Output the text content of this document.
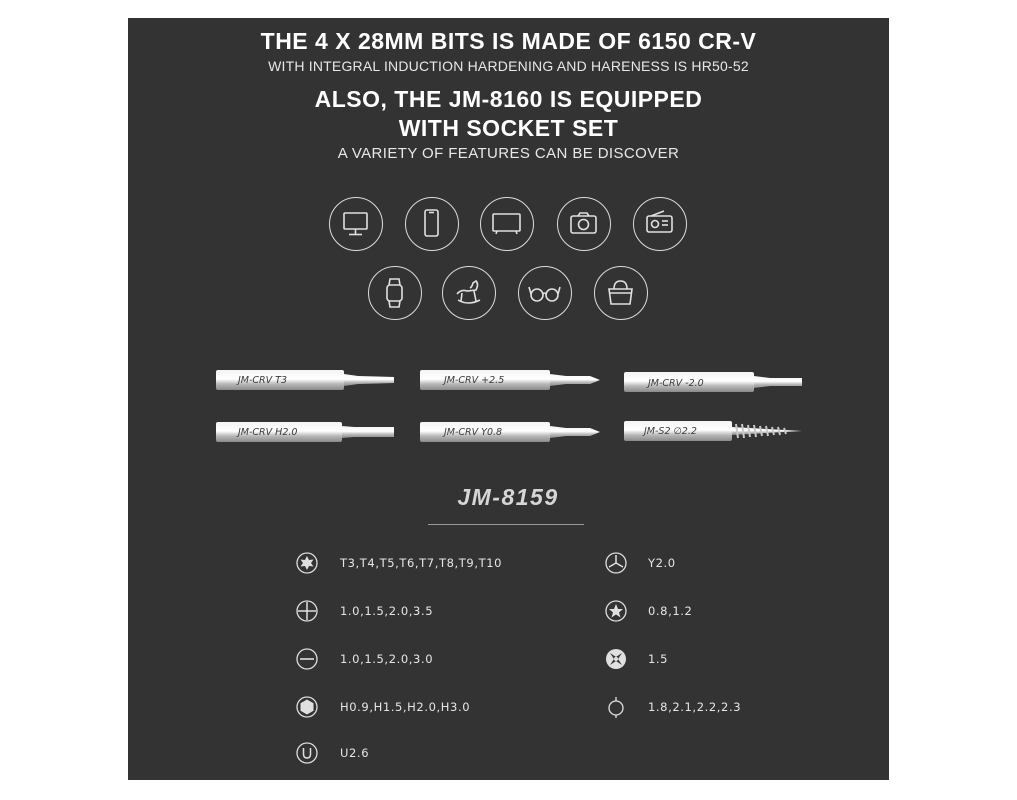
THE 4 X 28MM BITS IS MADE OF 6150 CR-V
WITH INTEGRAL INDUCTION HARDENING AND HARENESS IS HR50-52
ALSO, THE JM-8160 IS EQUIPPED
WITH SOCKET SET
A VARIETY OF FEATURES CAN BE DISCOVER
JM-CRV T3	JM-CRV +2.5	JM-CRV -2.0
JM-CRV H2.0	JM-CRV Y0.8	JM-S2 ∅2.2
JM-8159
T3,T4,T5,T6,T7,T8,T9,T10	Y2.0
1.0,1.5,2.0,3.5	0.8,1.2
1.0,1.5,2.0,3.0	1.5
H0.9,H1.5,H2.0,H3.0	1.8,2.1,2.2,2.3
U2.6
